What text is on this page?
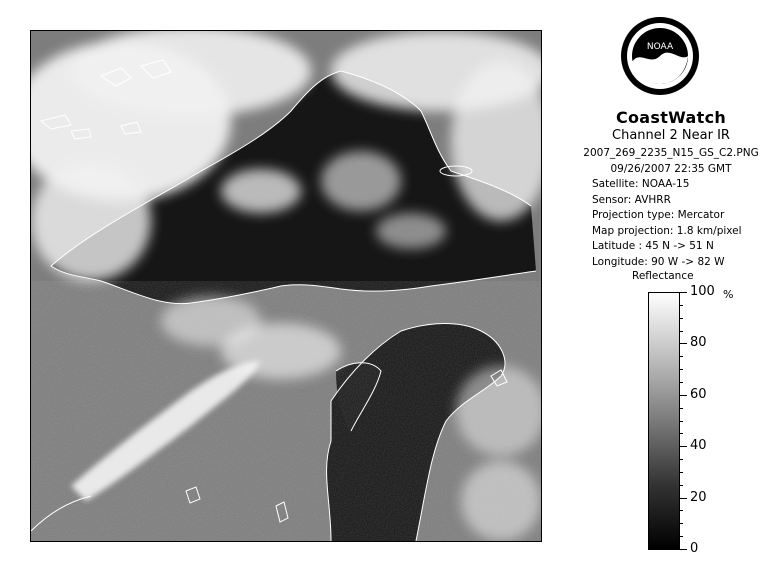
NOAA
CoastWatch
Channel 2 Near IR
2007_269_2235_N15_GS_C2.PNG
09/26/2007 22:35 GMT
Satellite: NOAA-15
Sensor: AVHRR
Projection type: Mercator
Map projection: 1.8 km/pixel
Latitude : 45 N -> 51 N
Longitude: 90 W -> 82 W
Reflectance
%
100
80
60
40
20
0
